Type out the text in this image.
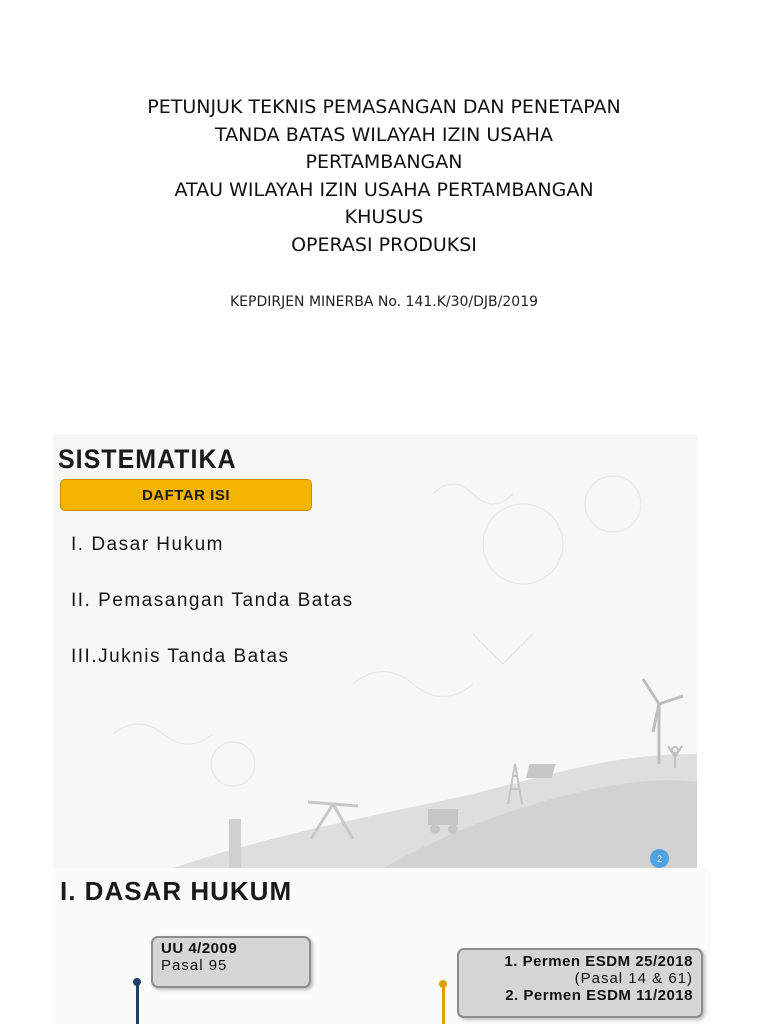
PETUNJUK TEKNIS PEMASANGAN DAN PENETAPAN
TANDA BATAS WILAYAH IZIN USAHA
PERTAMBANGAN
ATAU WILAYAH IZIN USAHA PERTAMBANGAN
KHUSUS
OPERASI PRODUKSI
KEPDIRJEN MINERBA No. 141.K/30/DJB/2019
SISTEMATIKA
DAFTAR ISI
I. Dasar Hukum
II. Pemasangan Tanda Batas
III.Juknis Tanda Batas
2
I. DASAR HUKUM
UU 4/2009
Pasal 95	1. Permen ESDM 25/2018
(Pasal 14 & 61)
2. Permen ESDM 11/2018
